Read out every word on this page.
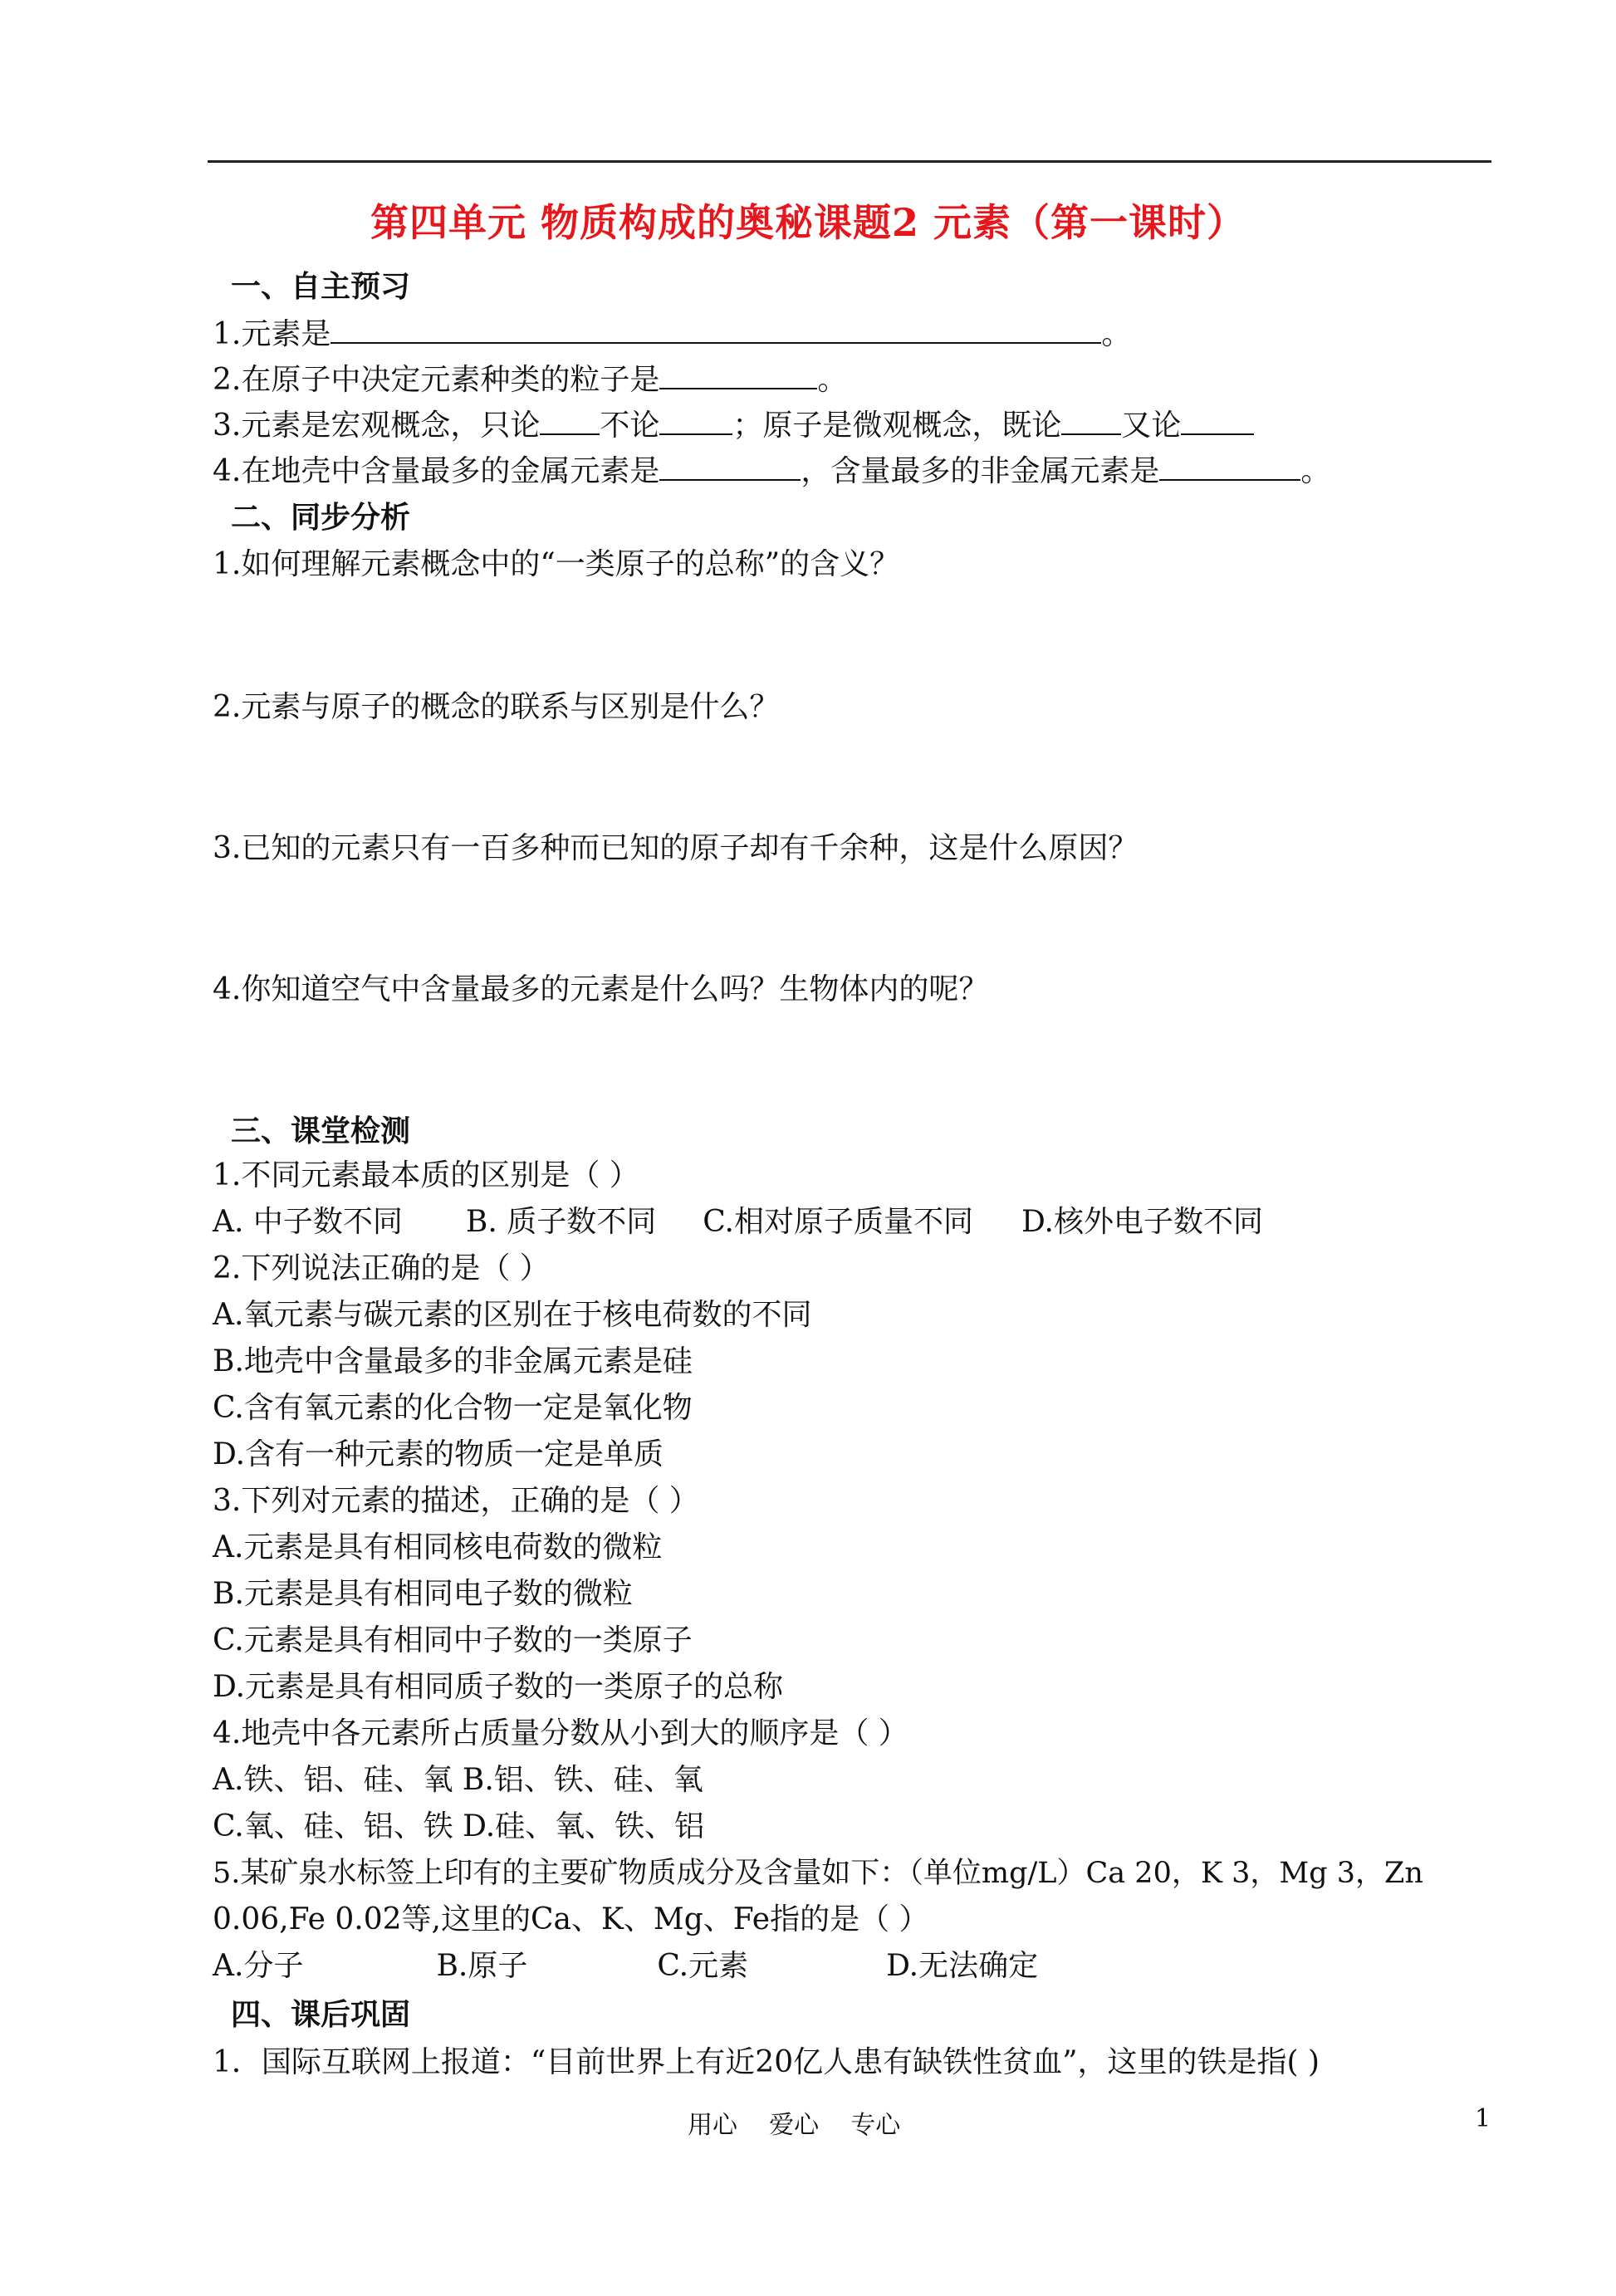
第四单元 物质构成的奥秘课题2 元素（第一课时）
一、自主预习
1.元素是	。
2.在原子中决定元素种类的粒子是	。
3.元素是宏观概念，只论 不论 ；原子是微观概念，既论 又论
4.在地壳中含量最多的金属元素是	，含量最多的非金属元素是	。
二、同步分析
1.如何理解元素概念中的“一类原子的总称”的含义？
2.元素与原子的概念的联系与区别是什么？
3.已知的元素只有一百多种而已知的原子却有千余种，这是什么原因？
4.你知道空气中含量最多的元素是什么吗？生物体内的呢？
三、课堂检测
1.不同元素最本质的区别是（ ）
A. 中子数不同 B. 质子数不同 C.相对原子质量不同 D.核外电子数不同
2.下列说法正确的是（ ）
A.氧元素与碳元素的区别在于核电荷数的不同
B.地壳中含量最多的非金属元素是硅
C.含有氧元素的化合物一定是氧化物
D.含有一种元素的物质一定是单质
3.下列对元素的描述，正确的是（ ）
A.元素是具有相同核电荷数的微粒
B.元素是具有相同电子数的微粒
C.元素是具有相同中子数的一类原子
D.元素是具有相同质子数的一类原子的总称
4.地壳中各元素所占质量分数从小到大的顺序是（ ）
A.铁、铝、硅、氧 B.铝、铁、硅、氧
C.氧、硅、铝、铁 D.硅、氧、铁、铝
5.某矿泉水标签上印有的主要矿物质成分及含量如下：（单位mg/L）Ca 20，K 3，Mg 3，Zn
0.06,Fe 0.02等,这里的Ca、K、Mg、Fe指的是（ ）
A.分子	B.原子	C.元素	D.无法确定
四、课后巩固
1．国际互联网上报道：“目前世界上有近20亿人患有缺铁性贫血”，这里的铁是指( )
用心    爱心    专心	1
